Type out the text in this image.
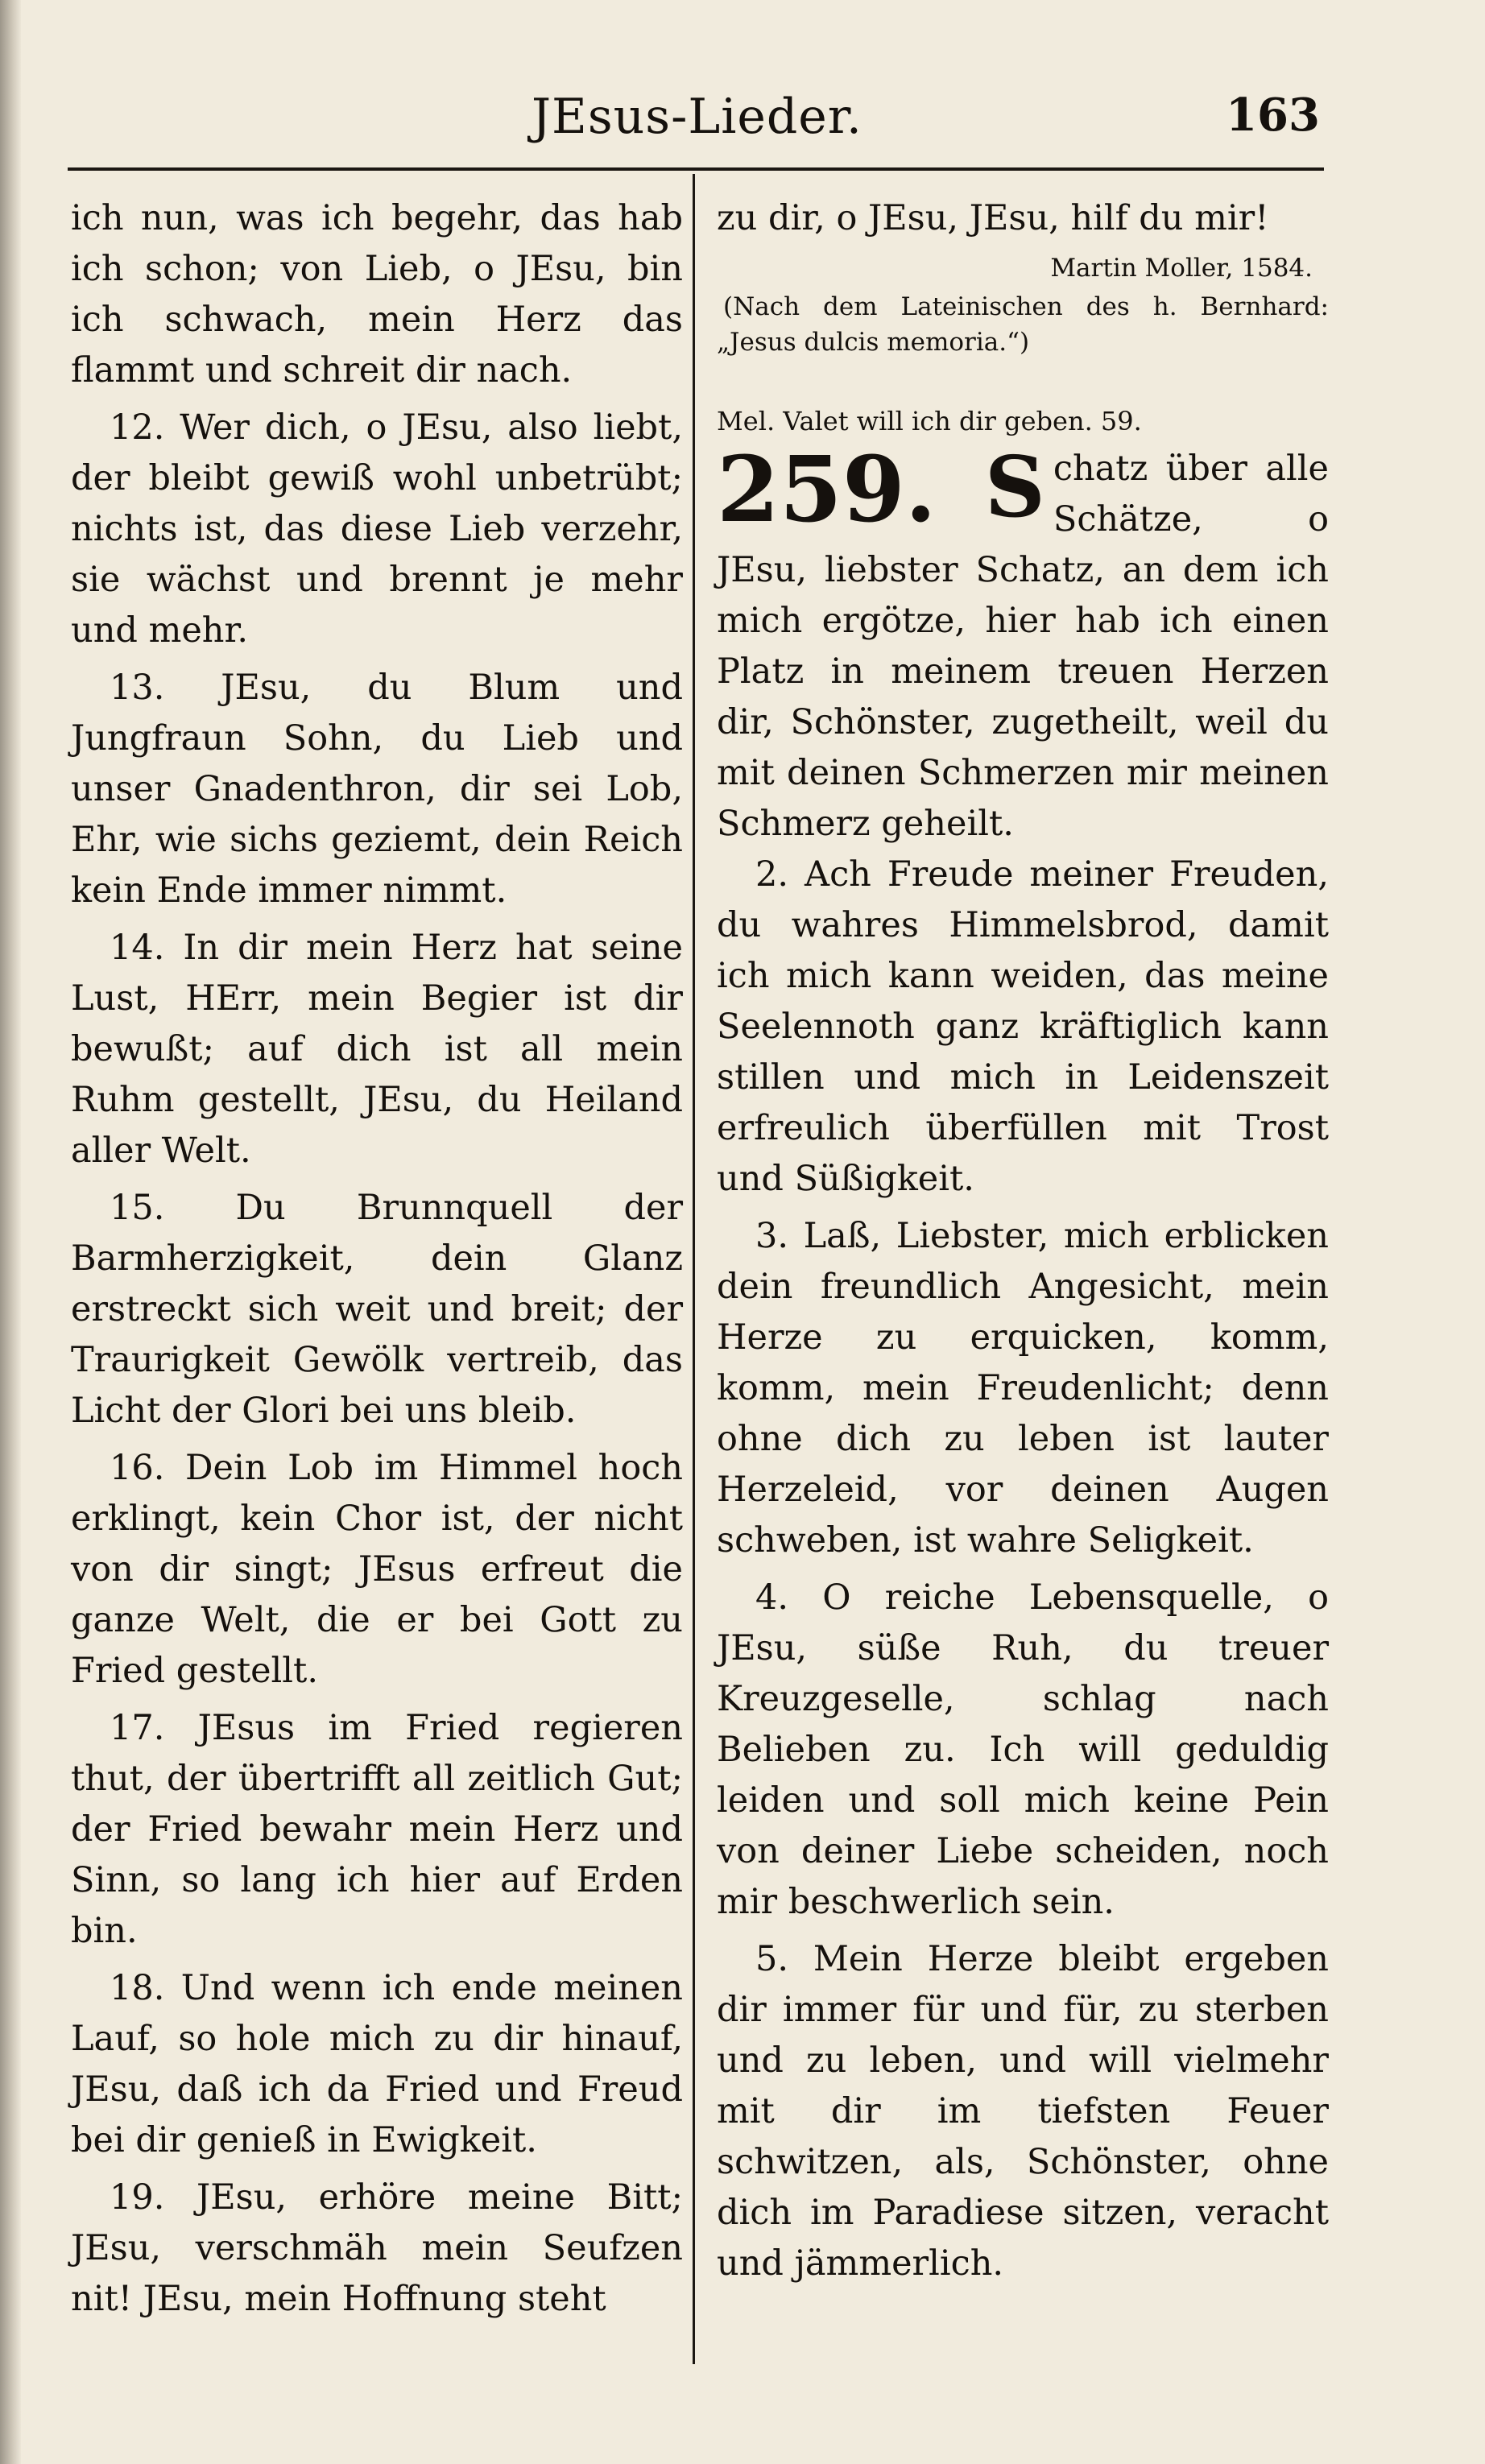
JEsus-Lieder.	163

ich nun, was ich begehr, das hab ich schon; von Lieb, o JEsu, bin ich schwach, mein Herz das flammt und schreit dir nach.

12. Wer dich, o JEsu, also liebt, der bleibt gewiß wohl unbetrübt; nichts ist, das diese Lieb verzehr, sie wächst und brennt je mehr und mehr.

13. JEsu, du Blum und Jungfraun Sohn, du Lieb und unser Gnadenthron, dir sei Lob, Ehr, wie sichs geziemt, dein Reich kein Ende immer nimmt.

14. In dir mein Herz hat seine Lust, HErr, mein Begier ist dir bewußt; auf dich ist all mein Ruhm gestellt, JEsu, du Heiland aller Welt.

15. Du Brunnquell der Barmherzigkeit, dein Glanz erstreckt sich weit und breit; der Traurigkeit Gewölk vertreib, das Licht der Glori bei uns bleib.

16. Dein Lob im Himmel hoch erklingt, kein Chor ist, der nicht von dir singt; JEsus erfreut die ganze Welt, die er bei Gott zu Fried gestellt.

17. JEsus im Fried regieren thut, der übertrifft all zeitlich Gut; der Fried bewahr mein Herz und Sinn, so lang ich hier auf Erden bin.

18. Und wenn ich ende meinen Lauf, so hole mich zu dir hinauf, JEsu, daß ich da Fried und Freud bei dir genieß in Ewigkeit.

19. JEsu, erhöre meine Bitt; JEsu, verschmäh mein Seufzen nit! JEsu, mein Hoffnung steht

zu dir, o JEsu, JEsu, hilf du mir!

Martin Moller, 1584.
(Nach dem Lateinischen des h. Bernhard: „Jesus dulcis memoria.“)
Mel. Valet will ich dir geben. 59.
259. S chatz über alle Schätze, o JEsu, liebster Schatz, an dem ich mich ergötze, hier hab ich einen Platz in meinem treuen Herzen dir, Schönster, zugetheilt, weil du mit deinen Schmerzen mir meinen Schmerz geheilt.

2. Ach Freude meiner Freuden, du wahres Himmelsbrod, damit ich mich kann weiden, das meine Seelennoth ganz kräftiglich kann stillen und mich in Leidenszeit erfreulich überfüllen mit Trost und Süßigkeit.

3. Laß, Liebster, mich erblicken dein freundlich Angesicht, mein Herze zu erquicken, komm, komm, mein Freudenlicht; denn ohne dich zu leben ist lauter Herzeleid, vor deinen Augen schweben, ist wahre Seligkeit.

4. O reiche Lebensquelle, o JEsu, süße Ruh, du treuer Kreuzgeselle, schlag nach Belieben zu. Ich will geduldig leiden und soll mich keine Pein von deiner Liebe scheiden, noch mir beschwerlich sein.

5. Mein Herze bleibt ergeben dir immer für und für, zu sterben und zu leben, und will vielmehr mit dir im tiefsten Feuer schwitzen, als, Schönster, ohne dich im Paradiese sitzen, veracht und jämmerlich.
